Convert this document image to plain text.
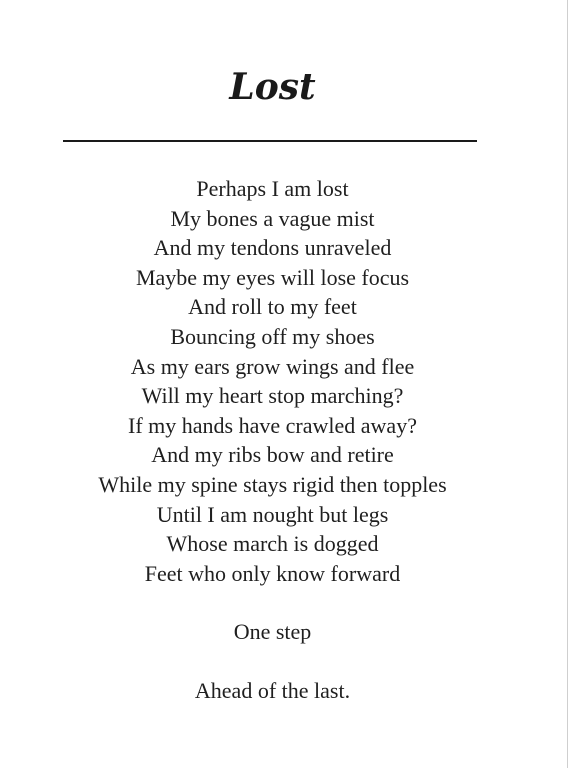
Lost
Perhaps I am lost
My bones a vague mist
And my tendons unraveled
Maybe my eyes will lose focus
And roll to my feet
Bouncing off my shoes
As my ears grow wings and flee
Will my heart stop marching?
If my hands have crawled away?
And my ribs bow and retire
While my spine stays rigid then topples
Until I am nought but legs
Whose march is dogged
Feet who only know forward
One step
Ahead of the last.
